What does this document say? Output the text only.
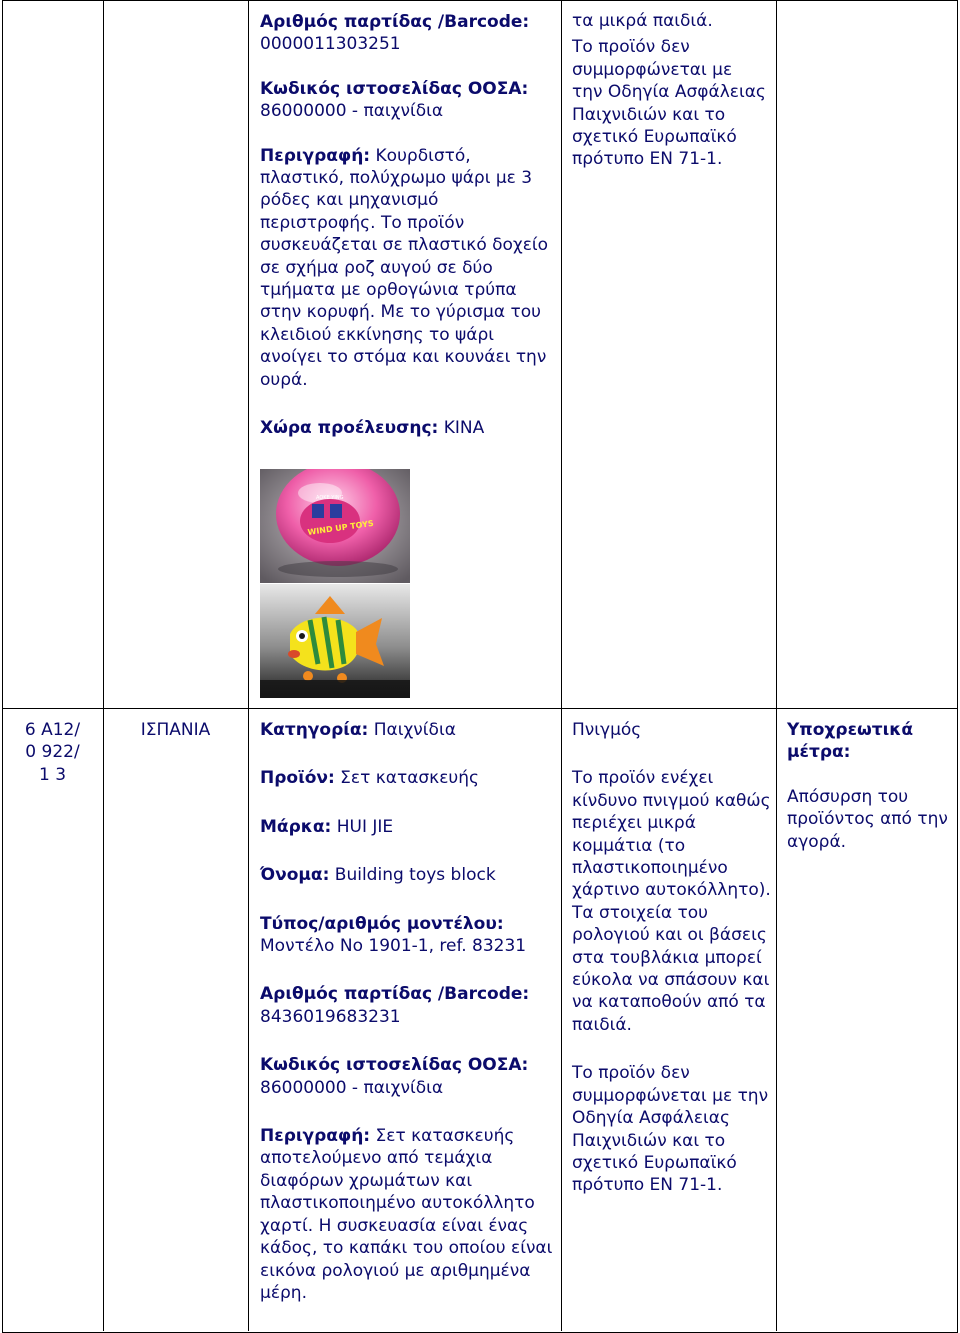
Αριθμός παρτίδας /Barcode:
0000011303251
Κωδικός ιστοσελίδας ΟΟΣΑ:
86000000 - παιχνίδια
Περιγραφή: Κουρδιστό, πλαστικό, πολύχρωμο ψάρι με 3 ρόδες και μηχανισμό περιστροφής. Το προϊόν συσκευάζεται σε πλαστικό δοχείο σε σχήμα ροζ αυγού σε δύο τμήματα με ορθογώνια τρύπα στην κορυφή. Με το γύρισμα του κλειδιού εκκίνησης το ψάρι ανοίγει το στόμα και κουνάει την ουρά.
Χώρα προέλευσης: ΚΙΝΑ
WIND UP TOYS
AOKE YING
τα μικρά παιδιά.
Το προϊόν δεν συμμορφώνεται με την Οδηγία Ασφάλειας Παιχνιδιών και το σχετικό Ευρωπαϊκό πρότυπο EN 71-1.
6 A12/0 922/1 3
ΙΣΠΑΝΙΑ	Κατηγορία: Παιχνίδια
Προϊόν: Σετ κατασκευής
Μάρκα: HUI JIE
Όνομα: Building toys block
Τύπος/αριθμός μοντέλου:
Μοντέλο Νο 1901-1, ref. 83231
Αριθμός παρτίδας /Barcode:
8436019683231
Κωδικός ιστοσελίδας ΟΟΣΑ:
86000000 - παιχνίδια
Περιγραφή: Σετ κατασκευής αποτελούμενο από τεμάχια διαφόρων χρωμάτων και πλαστικοποιημένο αυτοκόλλητο χαρτί. Η συσκευασία είναι ένας κάδος, το καπάκι του οποίου είναι εικόνα ρολογιού με αριθμημένα μέρη.
Πνιγμός
Το προϊόν ενέχει κίνδυνο πνιγμού καθώς περιέχει μικρά κομμάτια (το πλαστικοποιημένο χάρτινο αυτοκόλλητο). Τα στοιχεία του ρολογιού και οι βάσεις στα τουβλάκια μπορεί εύκολα να σπάσουν και να καταποθούν από τα παιδιά.
Το προϊόν δεν συμμορφώνεται με την Οδηγία Ασφάλειας Παιχνιδιών και το σχετικό Ευρωπαϊκό πρότυπο EN 71-1.
Υποχρεωτικά μέτρα:
Απόσυρση του προϊόντος από την αγορά.
